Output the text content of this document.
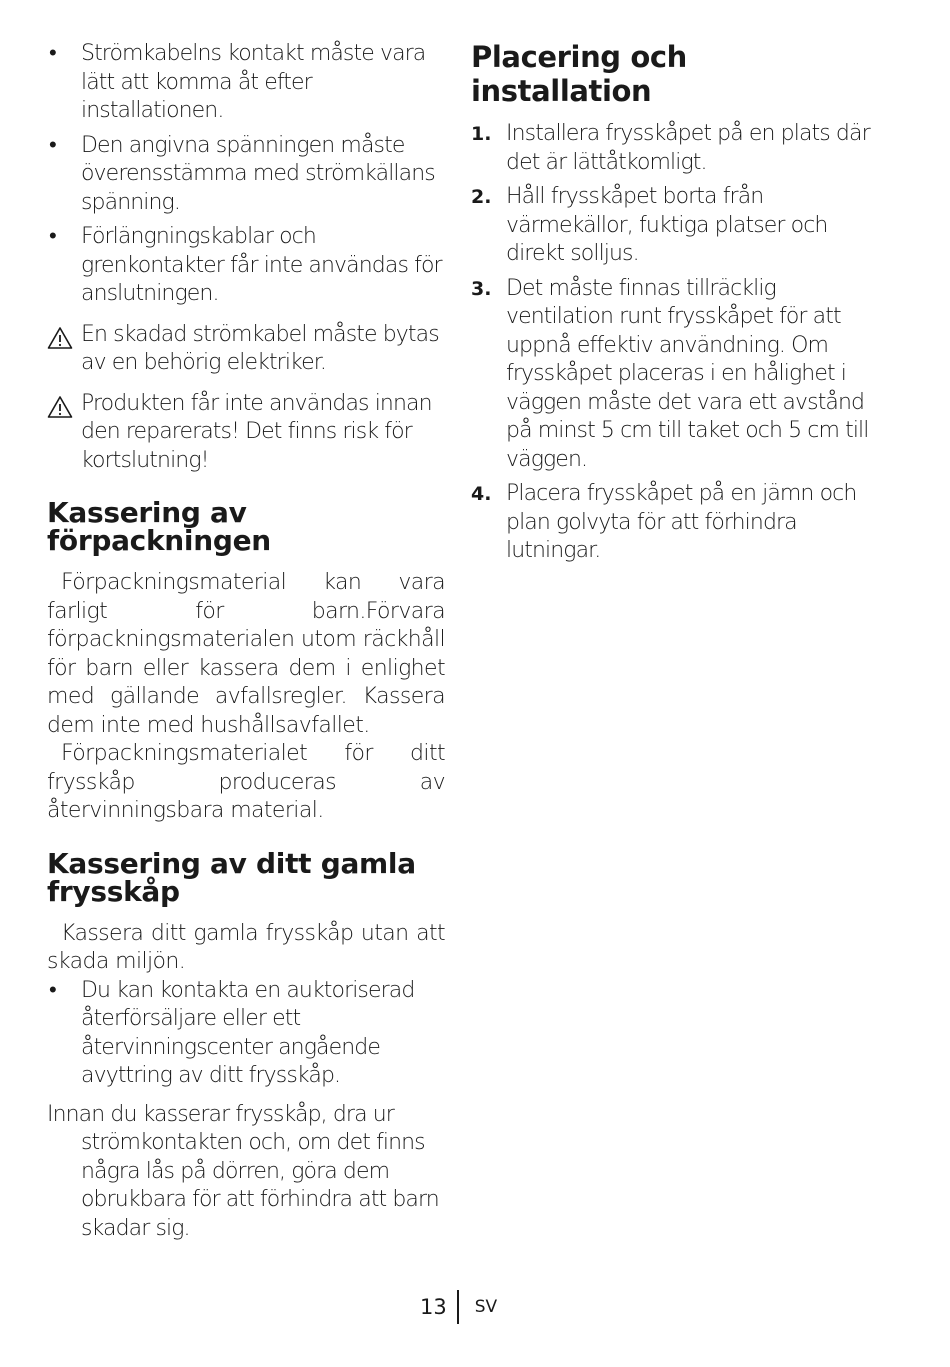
• Strömkabelns kontakt måste vara lätt att komma åt efter installationen.
• Den angivna spänningen måste överensstämma med strömkällans spänning.
• Förlängningskablar och grenkontakter får inte användas för anslutningen.
En skadad strömkabel måste bytas av en behörig elektriker.
Produkten får inte användas innan den reparerats! Det finns risk för kortslutning!
Kassering av förpackningen

Förpackningsmaterial kan vara farligt för barn.Förvara förpackningsmaterialen utom räckhåll för barn eller kassera dem i enlighet med gällande avfallsregler. Kassera dem inte med hushållsavfallet.

Förpackningsmaterialet för ditt frysskåp produceras av återvinningsbara material.

Kassering av ditt gamla frysskåp

Kassera ditt gamla frysskåp utan att skada miljön.

• Du kan kontakta en auktoriserad återförsäljare eller ett återvinningscenter angående avyttring av ditt frysskåp.
Innan du kasserar frysskåp, dra ur strömkontakten och, om det finns några lås på dörren, göra dem obrukbara för att förhindra att barn skadar sig.
Placering och installation
1. Installera frysskåpet på en plats där det är lättåtkomligt.
2. Håll frysskåpet borta från värmekällor, fuktiga platser och direkt solljus.
3. Det måste finnas tillräcklig ventilation runt frysskåpet för att uppnå effektiv användning. Om frysskåpet placeras i en hålighet i väggen måste det vara ett avstånd på minst 5 cm till taket och 5 cm till väggen.
4. Placera frysskåpet på en jämn och plan golvyta för att förhindra lutningar.
13 SV
